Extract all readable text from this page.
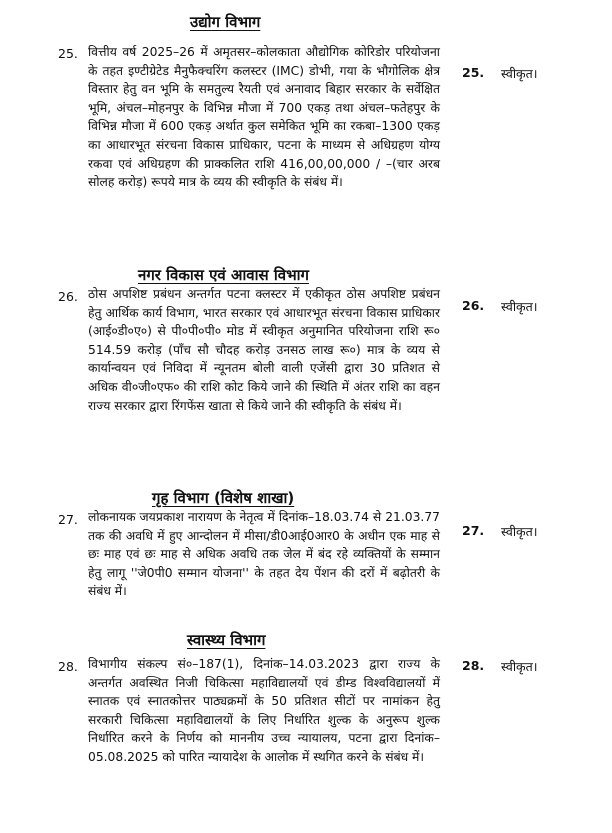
उद्योग विभाग
25. वित्तीय वर्ष 2025–26 में अमृतसर–कोलकाता औद्योगिक कोरिडोर परियोजना के तहत इण्टीग्रेटेड मैनुफैक्चरिंग कलस्टर (IMC) डोभी, गया के भौगोलिक क्षेत्र विस्तार हेतु वन भूमि के समतुल्य रैयती एवं अनावाद बिहार सरकार के सर्वेक्षित भूमि, अंचल–मोहनपुर के विभिन्न मौजा में 700 एकड़ तथा अंचल–फतेहपुर के विभिन्न मौजा में 600 एकड़ अर्थात कुल समेकित भूमि का रकबा–1300 एकड़ का आधारभूत संरचना विकास प्राधिकार, पटना के माध्यम से अधिग्रहण योग्य रकवा एवं अधिग्रहण की प्राक्कलित राशि 416,00,00,000 / –(चार अरब सोलह करोड़) रूपये मात्र के व्यय की स्वीकृति के संबंध में।
25. स्वीकृत।
नगर विकास एवं आवास विभाग
26. ठोस अपशिष्ट प्रबंधन अन्तर्गत पटना क्लस्टर में एकीकृत ठोस अपशिष्ट प्रबंधन हेतु आर्थिक कार्य विभाग, भारत सरकार एवं आधारभूत संरचना विकास प्राधिकार (आई०डी०ए०) से पी०पी०पी० मोड में स्वीकृत अनुमानित परियोजना राशि रू० 514.59 करोड़ (पाँच सौ चौदह करोड़ उनसठ लाख रू०) मात्र के व्यय से कार्यान्वयन एवं निविदा में न्यूनतम बोली वाली एजेंसी द्वारा 30 प्रतिशत से अधिक वी०जी०एफ० की राशि कोट किये जाने की स्थिति में अंतर राशि का वहन राज्य सरकार द्वारा रिंगफेंस खाता से किये जाने की स्वीकृति के संबंध में।
26. स्वीकृत।
गृह विभाग (विशेष शाखा)
27. लोकनायक जयप्रकाश नारायण के नेतृत्व में दिनांक–18.03.74 से 21.03.77 तक की अवधि में हुए आन्दोलन में मीसा/डी0आई0आर0 के अधीन एक माह से छः माह एवं छः माह से अधिक अवधि तक जेल में बंद रहे व्यक्तियों के सम्मान हेतु लागू ''जे0पी0 सम्मान योजना'' के तहत देय पेंशन की दरों में बढ़ोतरी के संबंध में।
27. स्वीकृत।
स्वास्थ्य विभाग
28. विभागीय संकल्प सं०–187(1), दिनांक–14.03.2023 द्वारा राज्य के अन्तर्गत अवस्थित निजी चिकित्सा महाविद्यालयों एवं डीम्ड विश्वविद्यालयों में स्नातक एवं स्नातकोत्तर पाठ्यक्रमों के 50 प्रतिशत सीटों पर नामांकन हेतु सरकारी चिकित्सा महाविद्यालयों के लिए निर्धारित शुल्क के अनुरूप शुल्क निर्धारित करने के निर्णय को माननीय उच्च न्यायालय, पटना द्वारा दिनांक–05.08.2025 को पारित न्यायादेश के आलोक में स्थगित करने के संबंध में।
28. स्वीकृत।
